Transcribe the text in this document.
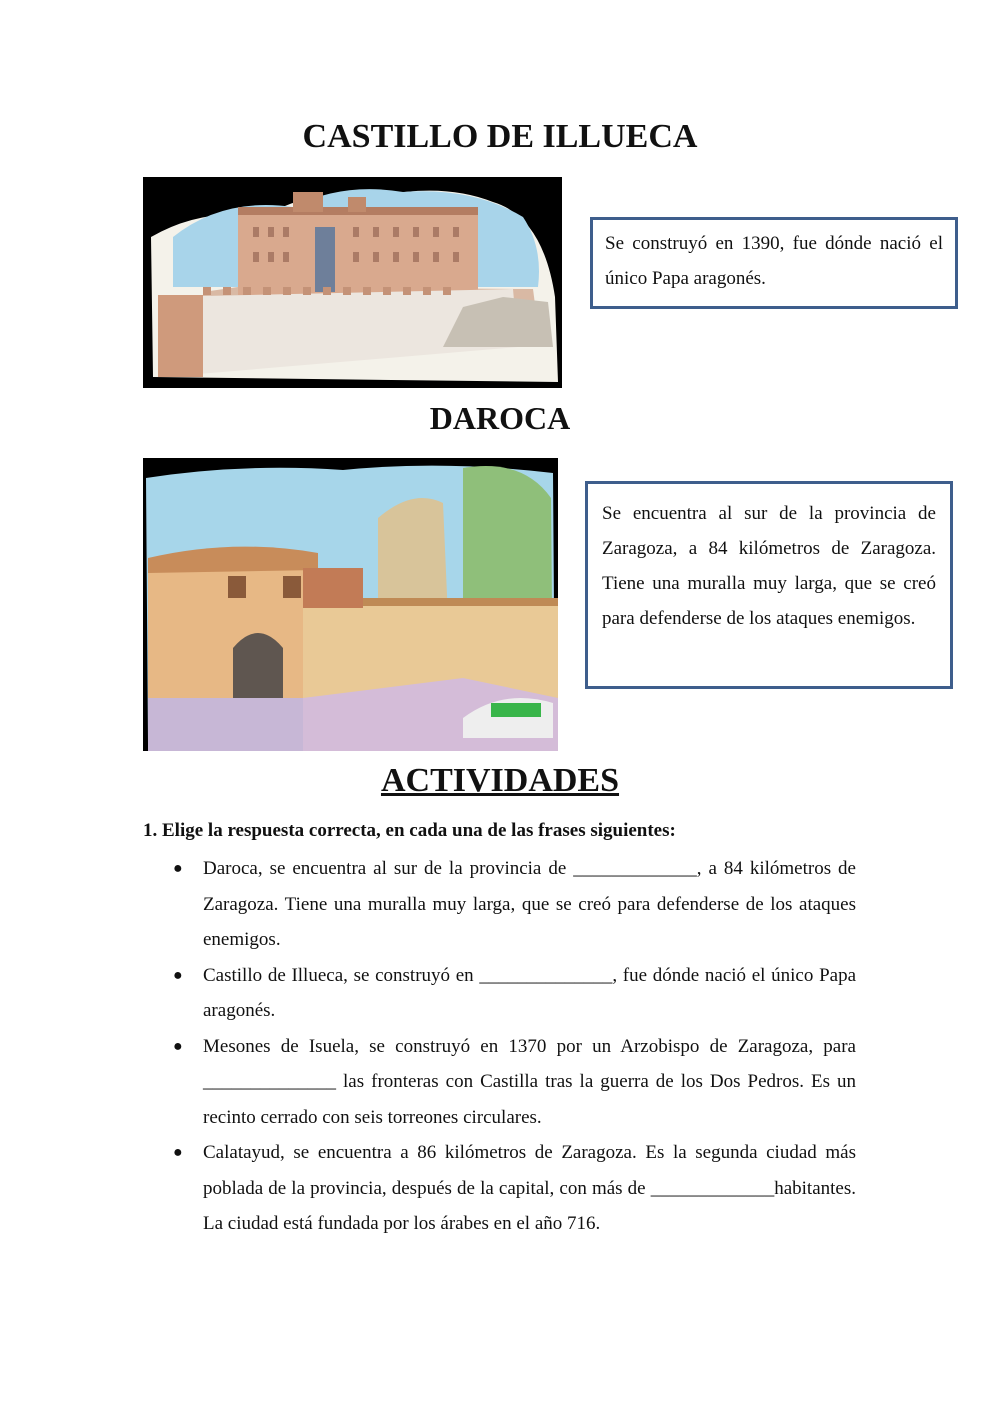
CASTILLO DE ILLUECA
Se construyó en 1390, fue dónde nació el único Papa aragonés.
DAROCA
Se encuentra al sur de la provincia de Zaragoza, a 84 kilómetros de Zaragoza. Tiene una muralla muy larga, que se creó para defenderse de los ataques enemigos.
ACTIVIDADES
1. Elige la respuesta correcta, en cada una de las frases siguientes:
● Daroca, se encuentra al sur de la provincia de _____________, a 84 kilómetros de Zaragoza. Tiene una muralla muy larga, que se creó para defenderse de los ataques enemigos.
● Castillo de Illueca, se construyó en ______________, fue dónde nació el único Papa aragonés.
● Mesones de Isuela, se construyó en 1370 por un Arzobispo de Zaragoza, para ______________ las fronteras con Castilla tras la guerra de los Dos Pedros. Es un recinto cerrado con seis torreones circulares.
● Calatayud, se encuentra a 86 kilómetros de Zaragoza. Es la segunda ciudad más poblada de la provincia, después de la capital, con más de _____________habitantes. La ciudad está fundada por los árabes en el año 716.
